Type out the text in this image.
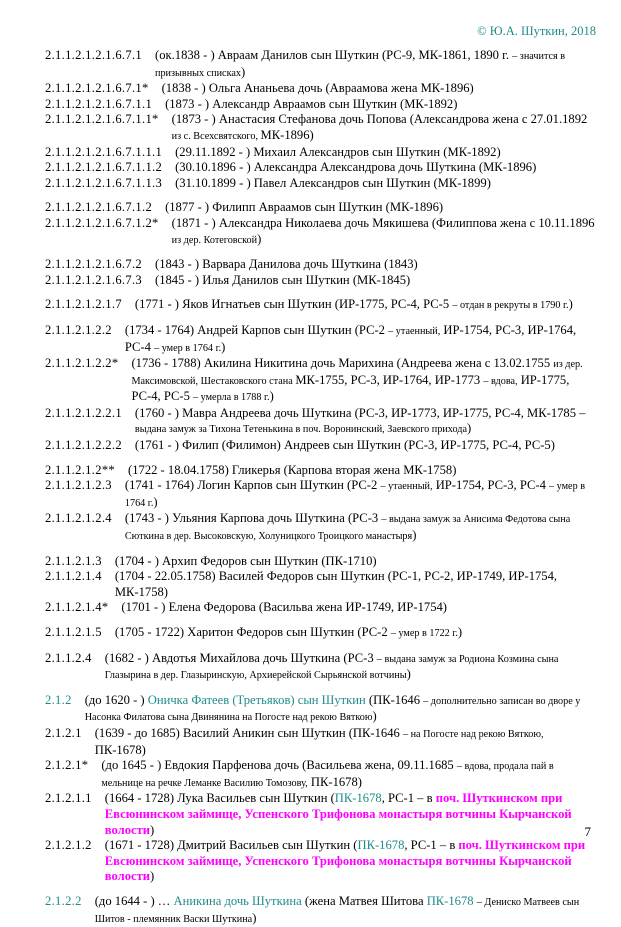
© Ю.А. Шуткин, 2018
2.1.1.2.1.2.1.6.7.1 (ок.1838 - ) Авраам Данилов сын Шуткин (РС-9, МК-1861, 1890 г. – значится в призывных списках)
2.1.1.2.1.2.1.6.7.1* (1838 - ) Ольга Ананьева дочь (Авраамова жена МК-1896)
2.1.1.2.1.2.1.6.7.1.1 (1873 - ) Александр Авраамов сын Шуткин (МК-1892)
2.1.1.2.1.2.1.6.7.1.1* (1873 - ) Анастасия Стефанова дочь Попова (Александрова жена с 27.01.1892 из с. Всехсвятского, МК-1896)
2.1.1.2.1.2.1.6.7.1.1.1 (29.11.1892 - ) Михаил Александров сын Шуткин (МК-1892)
2.1.1.2.1.2.1.6.7.1.1.2 (30.10.1896 - ) Александра Александрова дочь Шуткина (МК-1896)
2.1.1.2.1.2.1.6.7.1.1.3 (31.10.1899 - ) Павел Александров сын Шуткин (МК-1899)
2.1.1.2.1.2.1.6.7.1.2 (1877 - ) Филипп Авраамов сын Шуткин (МК-1896)
2.1.1.2.1.2.1.6.7.1.2* (1871 - ) Александра Николаева дочь Мякишева (Филиппова жена с 10.11.1896 из дер. Котеговской)
2.1.1.2.1.2.1.6.7.2 (1843 - ) Варвара Данилова дочь Шуткина (1843)
2.1.1.2.1.2.1.6.7.3 (1845 - ) Илья Данилов сын Шуткин (МК-1845)
2.1.1.2.1.2.1.7 (1771 - ) Яков Игнатьев сын Шуткин (ИР-1775, РС-4, РС-5 – отдан в рекруты в 1790 г.)
2.1.1.2.1.2.2 (1734 - 1764) Андрей Карпов сын Шуткин (РС-2 – утаенный, ИР-1754, РС-3, ИР-1764, РС-4 – умер в 1764 г.)
2.1.1.2.1.2.2* (1736 - 1788) Акилина Никитина дочь Марихина (Андреева жена с 13.02.1755 из дер. Максимовской, Шестаковского стана МК-1755, РС-3, ИР-1764, ИР-1773 – вдова, ИР-1775, РС-4, РС-5 – умерла в 1788 г.)
2.1.1.2.1.2.2.1 (1760 - ) Мавра Андреева дочь Шуткина (РС-3, ИР-1773, ИР-1775, РС-4, МК-1785 – выдана замуж за Тихона Тетенькина в поч. Воронинский, Заевского прихода)
2.1.1.2.1.2.2.2 (1761 - ) Филип (Филимон) Андреев сын Шуткин (РС-3, ИР-1775, РС-4, РС-5)
2.1.1.2.1.2** (1722 - 18.04.1758) Гликерья (Карпова вторая жена МК-1758)
2.1.1.2.1.2.3 (1741 - 1764) Логин Карпов сын Шуткин (РС-2 – утаенный, ИР-1754, РС-3, РС-4 – умер в 1764 г.)
2.1.1.2.1.2.4 (1743 - ) Ульяния Карпова дочь Шуткина (РС-3 – выдана замуж за Анисима Федотова сына Сюткина в дер. Высоковскую, Холуницкого Троицкого манастыря)
2.1.1.2.1.3 (1704 - ) Архип Федоров сын Шуткин (ПК-1710)
2.1.1.2.1.4 (1704 - 22.05.1758) Василей Федоров сын Шуткин (РС-1, РС-2, ИР-1749, ИР-1754, МК-1758)
2.1.1.2.1.4* (1701 - ) Елена Федорова (Васильва жена ИР-1749, ИР-1754)
2.1.1.2.1.5 (1705 - 1722) Харитон Федоров сын Шуткин (РС-2 – умер в 1722 г.)
2.1.1.2.4 (1682 - ) Авдотья Михайлова дочь Шуткина (РС-3 – выдана замуж за Родиона Козмина сына Глазырина в дер. Глазыринскую, Архиерейской Сырьянской вотчины)
2.1.2 (до 1620 - ) Оничка Фатеев (Третьяков) сын Шуткин (ПК-1646 – дополнительно записан во дворе у Насонка Филатова сына Двинянина на Погосте над рекою Вяткою)
2.1.2.1 (1639 - до 1685) Василий Аникин сын Шуткин (ПК-1646 – на Погосте над рекою Вяткою, ПК-1678)
2.1.2.1* (до 1645 - ) Евдокия Парфенова дочь (Васильева жена, 09.11.1685 – вдова, продала пай в мельнице на речке Леманке Василию Томозову, ПК-1678)
2.1.2.1.1 (1664 - 1728) Лука Васильев сын Шуткин (ПК-1678, РС-1 – в поч. Шуткинском при Евсюнинском займище, Успенского Трифонова монастыря вотчины Кырчанской волости)
2.1.2.1.2 (1671 - 1728) Дмитрий Васильев сын Шуткин (ПК-1678, РС-1 – в поч. Шуткинском при Евсюнинском займище, Успенского Трифонова монастыря вотчины Кырчанской волости)
2.1.2.2 (до 1644 - ) … Аникина дочь Шуткина (жена Матвея Шитова ПК-1678 – Дениско Матвеев сын Шитов - племянник Васки Шуткина)
7
